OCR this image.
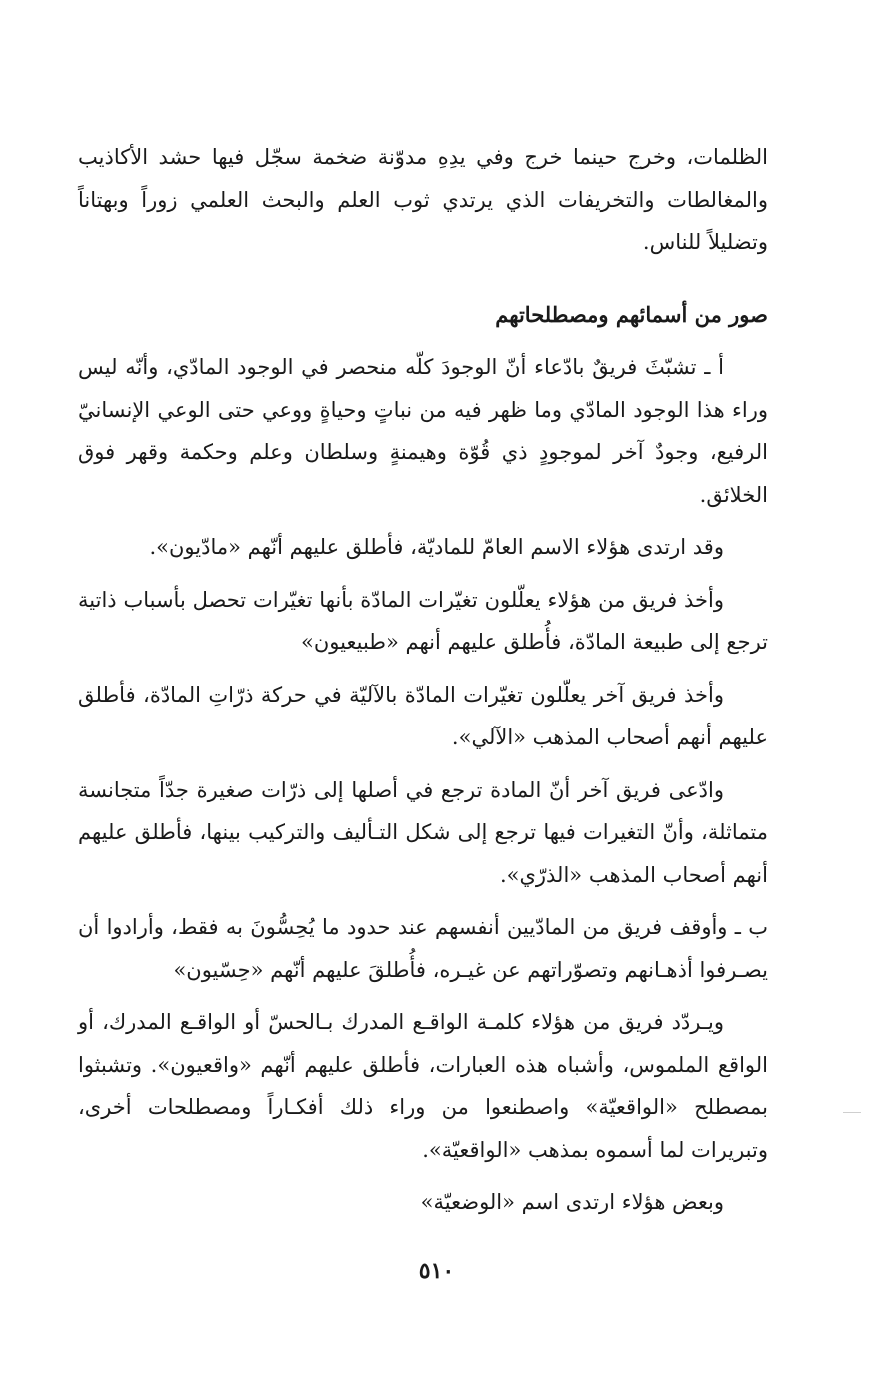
الظلمات، وخرج حينما خرج وفي يدِهِ مدوّنة ضخمة سجّل فيها حشد الأكاذيب والمغالطات والتخريفات الذي يرتدي ثوب العلم والبحث العلمي زوراً وبهتاناً وتضليلاً للناس.

صور من أسمائهم ومصطلحاتهم

أ ـ تشبّثَ فريقٌ بادّعاء أنّ الوجودَ كلّه منحصر في الوجود المادّي، وأنّه ليس وراء هذا الوجود المادّي وما ظهر فيه من نباتٍ وحياةٍ ووعي حتى الوعي الإنسانيّ الرفيع، وجودٌ آخر لموجودٍ ذي قُوّة وهيمنةٍ وسلطان وعلم وحكمة وقهر فوق الخلائق.

وقد ارتدى هؤلاء الاسم العامّ للماديّة، فأطلق عليهم أنّهم «مادّيون».

وأخذ فريق من هؤلاء يعلّلون تغيّرات المادّة بأنها تغيّرات تحصل بأسباب ذاتية ترجع إلى طبيعة المادّة، فأُطلق عليهم أنهم «طبيعيون»

وأخذ فريق آخر يعلّلون تغيّرات المادّة بالآليّة في حركة ذرّاتِ المادّة، فأطلق عليهم أنهم أصحاب المذهب «الآلي».

وادّعى فريق آخر أنّ المادة ترجع في أصلها إلى ذرّات صغيرة جدّاً متجانسة متماثلة، وأنّ التغيرات فيها ترجع إلى شكل التـأليف والتركيب بينها، فأطلق عليهم أنهم أصحاب المذهب «الذرّي».

ب ـ وأوقف فريق من المادّيين أنفسهم عند حدود ما يُحِسُّونَ به فقط، وأرادوا أن يصـرفوا أذهـانهم وتصوّراتهم عن غيـره، فأُطلقَ عليهم أنّهم «حِسّيون»

ويـردّد فريق من هؤلاء كلمـة الواقـع المدرك بـالحسّ أو الواقـع المدرك، أو الواقع الملموس، وأشباه هذه العبارات، فأطلق عليهم أنّهم «واقعيون». وتشبثوا بمصطلح «الواقعيّة» واصطنعوا من وراء ذلك أفكـاراً ومصطلحات أخرى، وتبريرات لما أسموه بمذهب «الواقعيّة».

وبعض هؤلاء ارتدى اسم «الوضعيّة»

٥١٠
